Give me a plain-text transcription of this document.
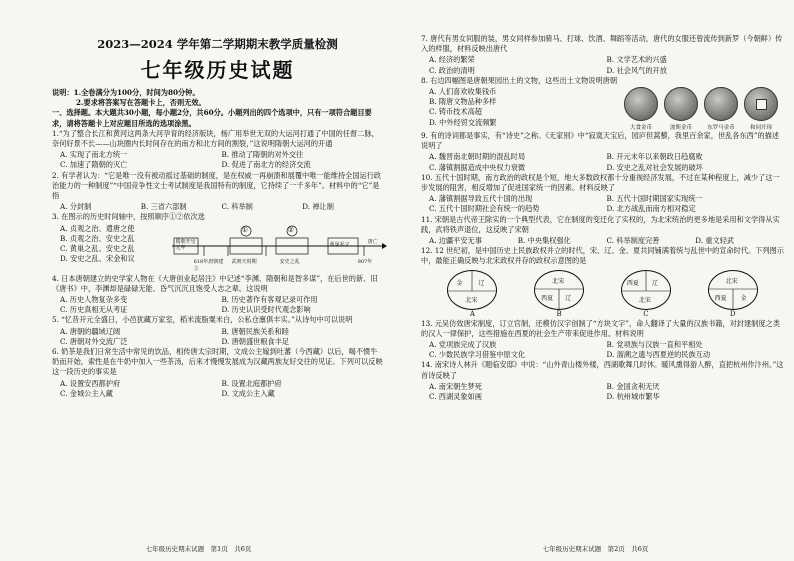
2023—2024 学年第二学期期末教学质量检测
七年级历史试题

说明：1.全卷满分为100分，时间为80分钟。

2.要求将答案写在答题卡上，否则无效。

一、选择题。本大题共30小题，每小题2分，共60分。小题列出的四个选项中，只有一项符合题目要求，请将答题卡上对应题目所选的选项涂黑。

1.“为了整合长江和黄河这两条大河孕育的经济版块，杨广用举世无双的大运河打通了中国的任督二脉，奈何好景不长——山块圈内长时间存在的南方和北方间的割裂，”这说明隋朝大运河的开通

A. 实现了南北方统一	B. 推动了隋朝的对外交往
C. 加速了隋朝的灭亡	D. 促进了南北方的经济交流

2. 有学者认为：“它是唯一没有被动摇过基础的制度，是在权威一再崩溃和展覆中唯一能维持全国运行政治能力的一种制度”“中国竞争性文士考试制度是我国特有的制度，它持续了一千多年”。材料中的“它”是指

A. 分封制	B. 三省六部制	C. 科举制	D. 禅让制

3. 在图示的历史时间轴中，按照顺序①②依次选

A. 贞观之治、遣唐之使
B. 贞观之治、安史之乱
C. 黄巢之乱、安史之乱
D. 安史之乱、宋金和议
隋朝开皇元年
①	②
安史之乱
黄巢起义
618年唐朝建立
武则天时期	907年
唐亡

4. 日本唐朝建立的史学家人物在《大唐创业起居注》中记述“李渊、隋朝和是智多谋”，在后世的新、旧《唐书》中，李渊却是碌碌无能、昏气沉沉且饱受人志之辈。这说明

A. 历史人物复杂多变	B. 历史著作有客观记录可作用
C. 历史真相无从考证	D. 历史认识受时代观念影响

5. “忆昔开元全盛日，小邑犹藏万家室，稻米流脂粟米白，公私仓廪俱丰实。”从诗句中可以说明

A. 唐朝的疆域辽阔	B. 唐朝民族关系和睦
C. 唐朝对外交流广泛	D. 唐朝盛世粮食丰足

6. 奶茶是我们日常生活中常见的饮品，相传唐太宗时期，文成公主嫁到吐蕃（今西藏）以后，喝不惯牛奶而开始，索性是在牛奶中加入一些茶汤，后来才慢慢发展成为汉藏两族友好交往的见证。下列可以反映这一段历史的事实是

A. 设置安西都护府	B. 设置北庭都护府
C. 金城公主入藏	D. 文成公主入藏
七年级历史期末试题　第1页　共6页

7. 唐代有男女同服的装，男女同样参加骑马、打球、饮酒、舞蹈等活动，唐代的女服还曾流传到新罗（今朝鲜）传入的样服，材料反映出唐代

A. 经济的繁荣	B. 文学艺术的兴盛
C. 政治的清明	D. 社会风气的开放

8. 右边四幅图是唐朝果园出土的文物，这些出土文物说明唐朝

A. 人们喜欢收集钱币
B. 隋唐文物品种多样
C. 铸币技术高超
D. 中外经贸交流频繁
大食金币	波斯金币	东罗马金币	和同开珎

9. 有的诗词都是事实，有“诗史”之称。《无家别》中“寂寞天宝后，园庐但蒿藜，我里百余家，世乱各东西”的描述说明了

A. 魏晋南北朝时期的混乱时局	B. 开元末年以来朝政日趋腐败
C. 藩镇割据造成中央权力衰微	D. 安史之乱对社会发展的破坏

10. 五代十国时期，南方政治的政权是个短，地大多数政权都十分重视经济发展，不过在某种程度上，减少了这一步发展的阻害，相反增加了促进国家统一的因素。材料反映了

A. 藩镇割据导致五代十国的出现	B. 五代十国时期国家实现统一
C. 五代十国时期社会有统一的趋势	D. 北方战乱而南方相对稳定

11. 宋朝是古代帝王除实的一个典型代表，它在制度的变迁化了实权的，为北宋统治的更多地是采用和文学得从实践，武将铁声退位，这反映了宋朝

A. 边疆平安无事	B. 中央集权强化	C. 科举制度完善	D. 重文轻武

12. 12 世纪初，是中国历史上民族政权并立的时代，宋、辽、金、夏共同铺满着统与乱世中的宣命时代。下列图示中，最能正确反映与北宋政权并存的政权示意图的是

金	辽
北宋
A
北宋
西夏 辽
B
西夏 辽
北宋
C
北宋
西夏 金
D

13. 元吴仿效唐宋制度，订立官制，还模仿汉字创制了“方块文字”，命人翻译了大量的汉族书籍，对封建制度之类的汉人一律保护，这些措施在西夏的社会生产带来促进作用。材料说明

A. 党项族完成了汉族	B. 党项族与汉族一直和平相处
C. 少数民族学习借鉴中原文化	D. 溜溯之遗与西夏逆的民族互动

14. 南宋诗人林升《题临安邸》中说：“山外青山楼外楼，西湖歌舞几时休。暖风熏得游人醉，直把杭州作汴州。”这首诗反映了

A. 南宋朝生梦死	B. 金国贪利无厌
C. 西湖灵象如画	D. 杭州城市繁华
七年级历史期末试题　第2页　共6页
